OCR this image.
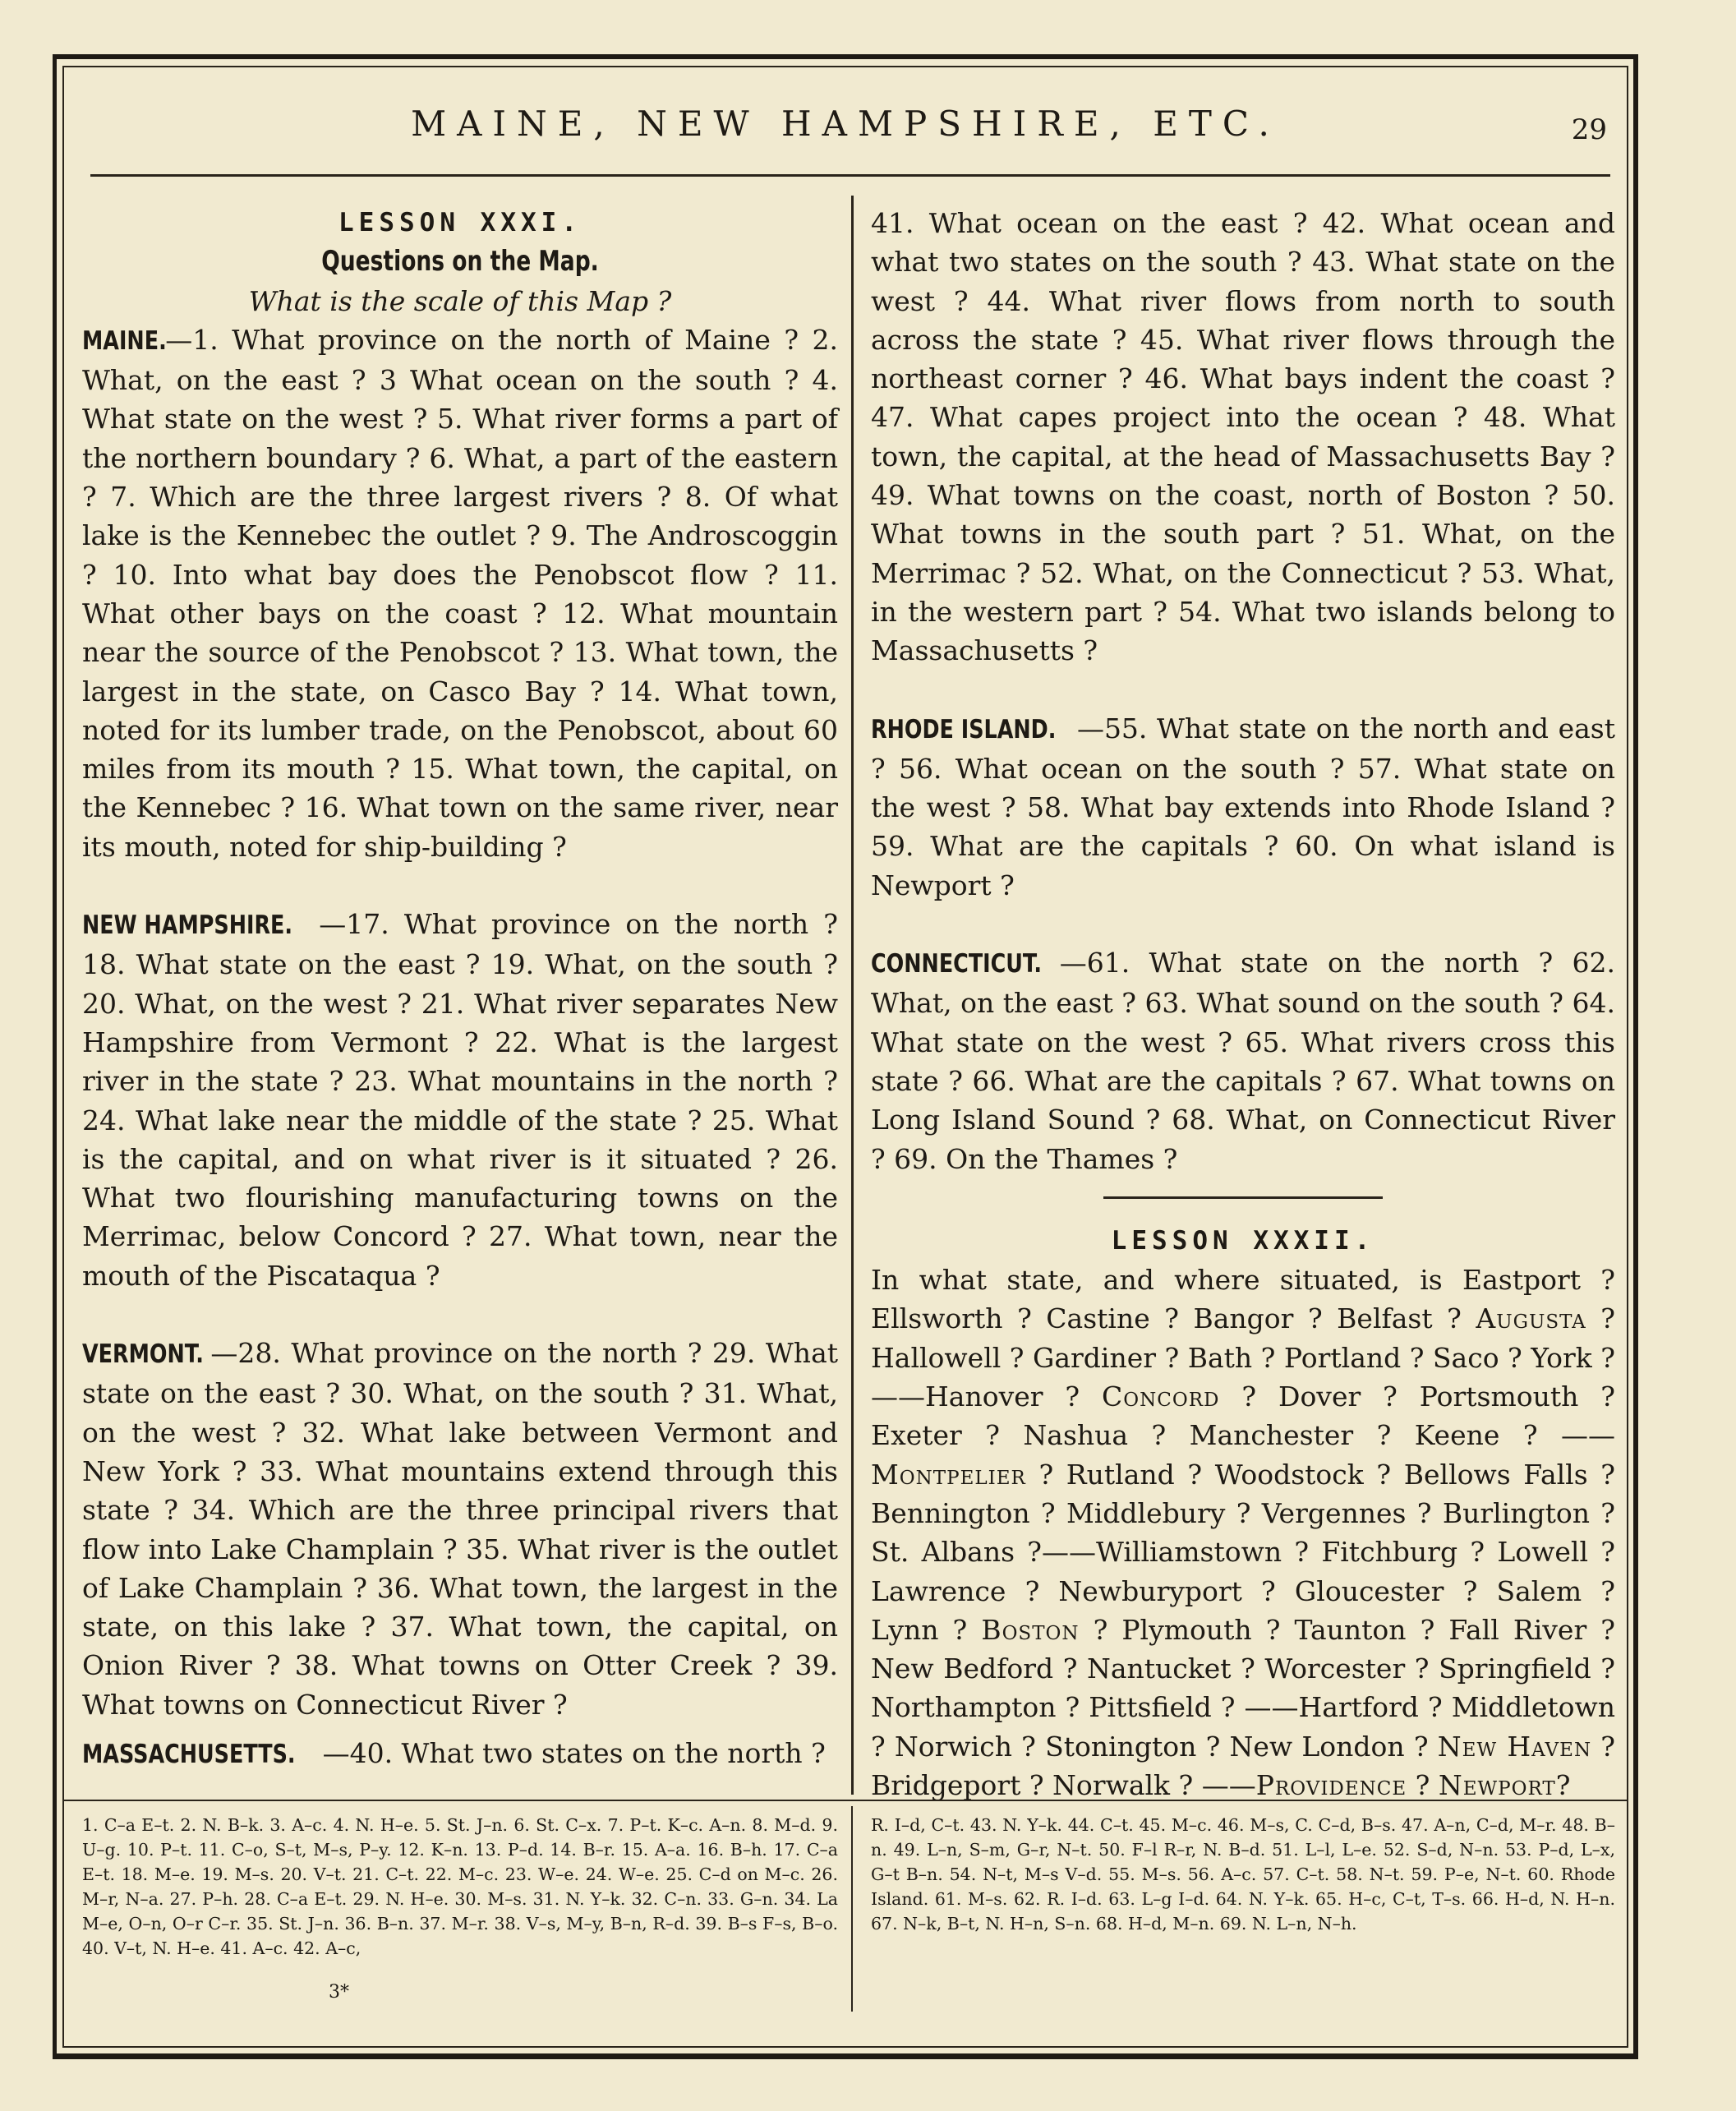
MAINE, NEW HAMPSHIRE, ETC.	29
LESSON XXXI.
Questions on the Map.
What is the scale of this Map ?

MAINE.—1. What province on the north of Maine ? 2. What, on the east ? 3 What ocean on the south ? 4. What state on the west ? 5. What river forms a part of the northern boundary ? 6. What, a part of the eastern ? 7. Which are the three largest rivers ? 8. Of what lake is the Kennebec the outlet ? 9. The Androscoggin ? 10. Into what bay does the Penobscot flow ? 11. What other bays on the coast ? 12. What mountain near the source of the Penobscot ? 13. What town, the largest in the state, on Casco Bay ? 14. What town, noted for its lumber trade, on the Penobscot, about 60 miles from its mouth ? 15. What town, the capital, on the Kennebec ? 16. What town on the same river, near its mouth, noted for ship-building ?

NEW HAMPSHIRE. —17. What province on the north ? 18. What state on the east ? 19. What, on the south ? 20. What, on the west ? 21. What river separates New Hampshire from Vermont ? 22. What is the largest river in the state ? 23. What mountains in the north ? 24. What lake near the middle of the state ? 25. What is the capital, and on what river is it situated ? 26. What two flourishing manufacturing towns on the Merrimac, below Concord ? 27. What town, near the mouth of the Piscataqua ?

VERMONT. —28. What province on the north ? 29. What state on the east ? 30. What, on the south ? 31. What, on the west ? 32. What lake between Vermont and New York ? 33. What mountains extend through this state ? 34. Which are the three principal rivers that flow into Lake Champlain ? 35. What river is the outlet of Lake Champlain ? 36. What town, the largest in the state, on this lake ? 37. What town, the capital, on Onion River ? 38. What towns on Otter Creek ? 39. What towns on Connecticut River ?

MASSACHUSETTS. —40. What two states on the north ?

41. What ocean on the east ? 42. What ocean and what two states on the south ? 43. What state on the west ? 44. What river flows from north to south across the state ? 45. What river flows through the northeast corner ? 46. What bays indent the coast ? 47. What capes project into the ocean ? 48. What town, the capital, at the head of Massachusetts Bay ? 49. What towns on the coast, north of Boston ? 50. What towns in the south part ? 51. What, on the Merrimac ? 52. What, on the Connecticut ? 53. What, in the western part ? 54. What two islands belong to Massachusetts ?

RHODE ISLAND. —55. What state on the north and east ? 56. What ocean on the south ? 57. What state on the west ? 58. What bay extends into Rhode Island ? 59. What are the capitals ? 60. On what island is Newport ?

CONNECTICUT. —61. What state on the north ? 62. What, on the east ? 63. What sound on the south ? 64. What state on the west ? 65. What rivers cross this state ? 66. What are the capitals ? 67. What towns on Long Island Sound ? 68. What, on Connecticut River ? 69. On the Thames ?

LESSON XXXII.

In what state, and where situated, is Eastport ? Ellsworth ? Castine ? Bangor ? Belfast ? Augusta ? Hallowell ? Gardiner ? Bath ? Portland ? Saco ? York ?——Hanover ? Concord ? Dover ? Portsmouth ? Exeter ? Nashua ? Manchester ? Keene ? ——Montpelier ? Rutland ? Woodstock ? Bellows Falls ? Bennington ? Middlebury ? Vergennes ? Burlington ? St. Albans ?——Williamstown ? Fitchburg ? Lowell ? Lawrence ? Newburyport ? Gloucester ? Salem ? Lynn ? Boston ? Plymouth ? Taunton ? Fall River ? New Bedford ? Nantucket ? Worcester ? Springfield ? Northampton ? Pittsfield ? ——Hartford ? Middletown ? Norwich ? Stonington ? New London ? New Haven ? Bridgeport ? Norwalk ? ——Providence ? Newport?

1. C–a E–t. 2. N. B–k. 3. A–c. 4. N. H–e. 5. St. J–n. 6. St. C–x. 7. P–t. K–c. A–n. 8. M–d. 9. U–g. 10. P–t. 11. C–o, S–t, M–s, P–y. 12. K–n. 13. P–d. 14. B–r. 15. A–a. 16. B–h. 17. C–a E–t. 18. M–e. 19. M–s. 20. V–t. 21. C–t. 22. M–c. 23. W–e. 24. W–e. 25. C–d on M–c. 26. M–r, N–a. 27. P–h. 28. C–a E–t. 29. N. H–e. 30. M–s. 31. N. Y–k. 32. C–n. 33. G–n. 34. La M–e, O–n, O–r C–r. 35. St. J–n. 36. B–n. 37. M–r. 38. V–s, M–y, B–n, R–d. 39. B–s F–s, B–o. 40. V–t, N. H–e. 41. A–c. 42. A–c,
R. I–d, C–t. 43. N. Y–k. 44. C–t. 45. M–c. 46. M–s, C. C–d, B–s. 47. A–n, C–d, M–r. 48. B–n. 49. L–n, S–m, G–r, N–t. 50. F–l R–r, N. B–d. 51. L–l, L–e. 52. S–d, N–n. 53. P–d, L–x, G–t B–n. 54. N–t, M–s V–d. 55. M–s. 56. A–c. 57. C–t. 58. N–t. 59. P–e, N–t. 60. Rhode Island. 61. M–s. 62. R. I–d. 63. L–g I–d. 64. N. Y–k. 65. H–c, C–t, T–s. 66. H–d, N. H–n. 67. N–k, B–t, N. H–n, S–n. 68. H–d, M–n. 69. N. L–n, N–h.
3*
